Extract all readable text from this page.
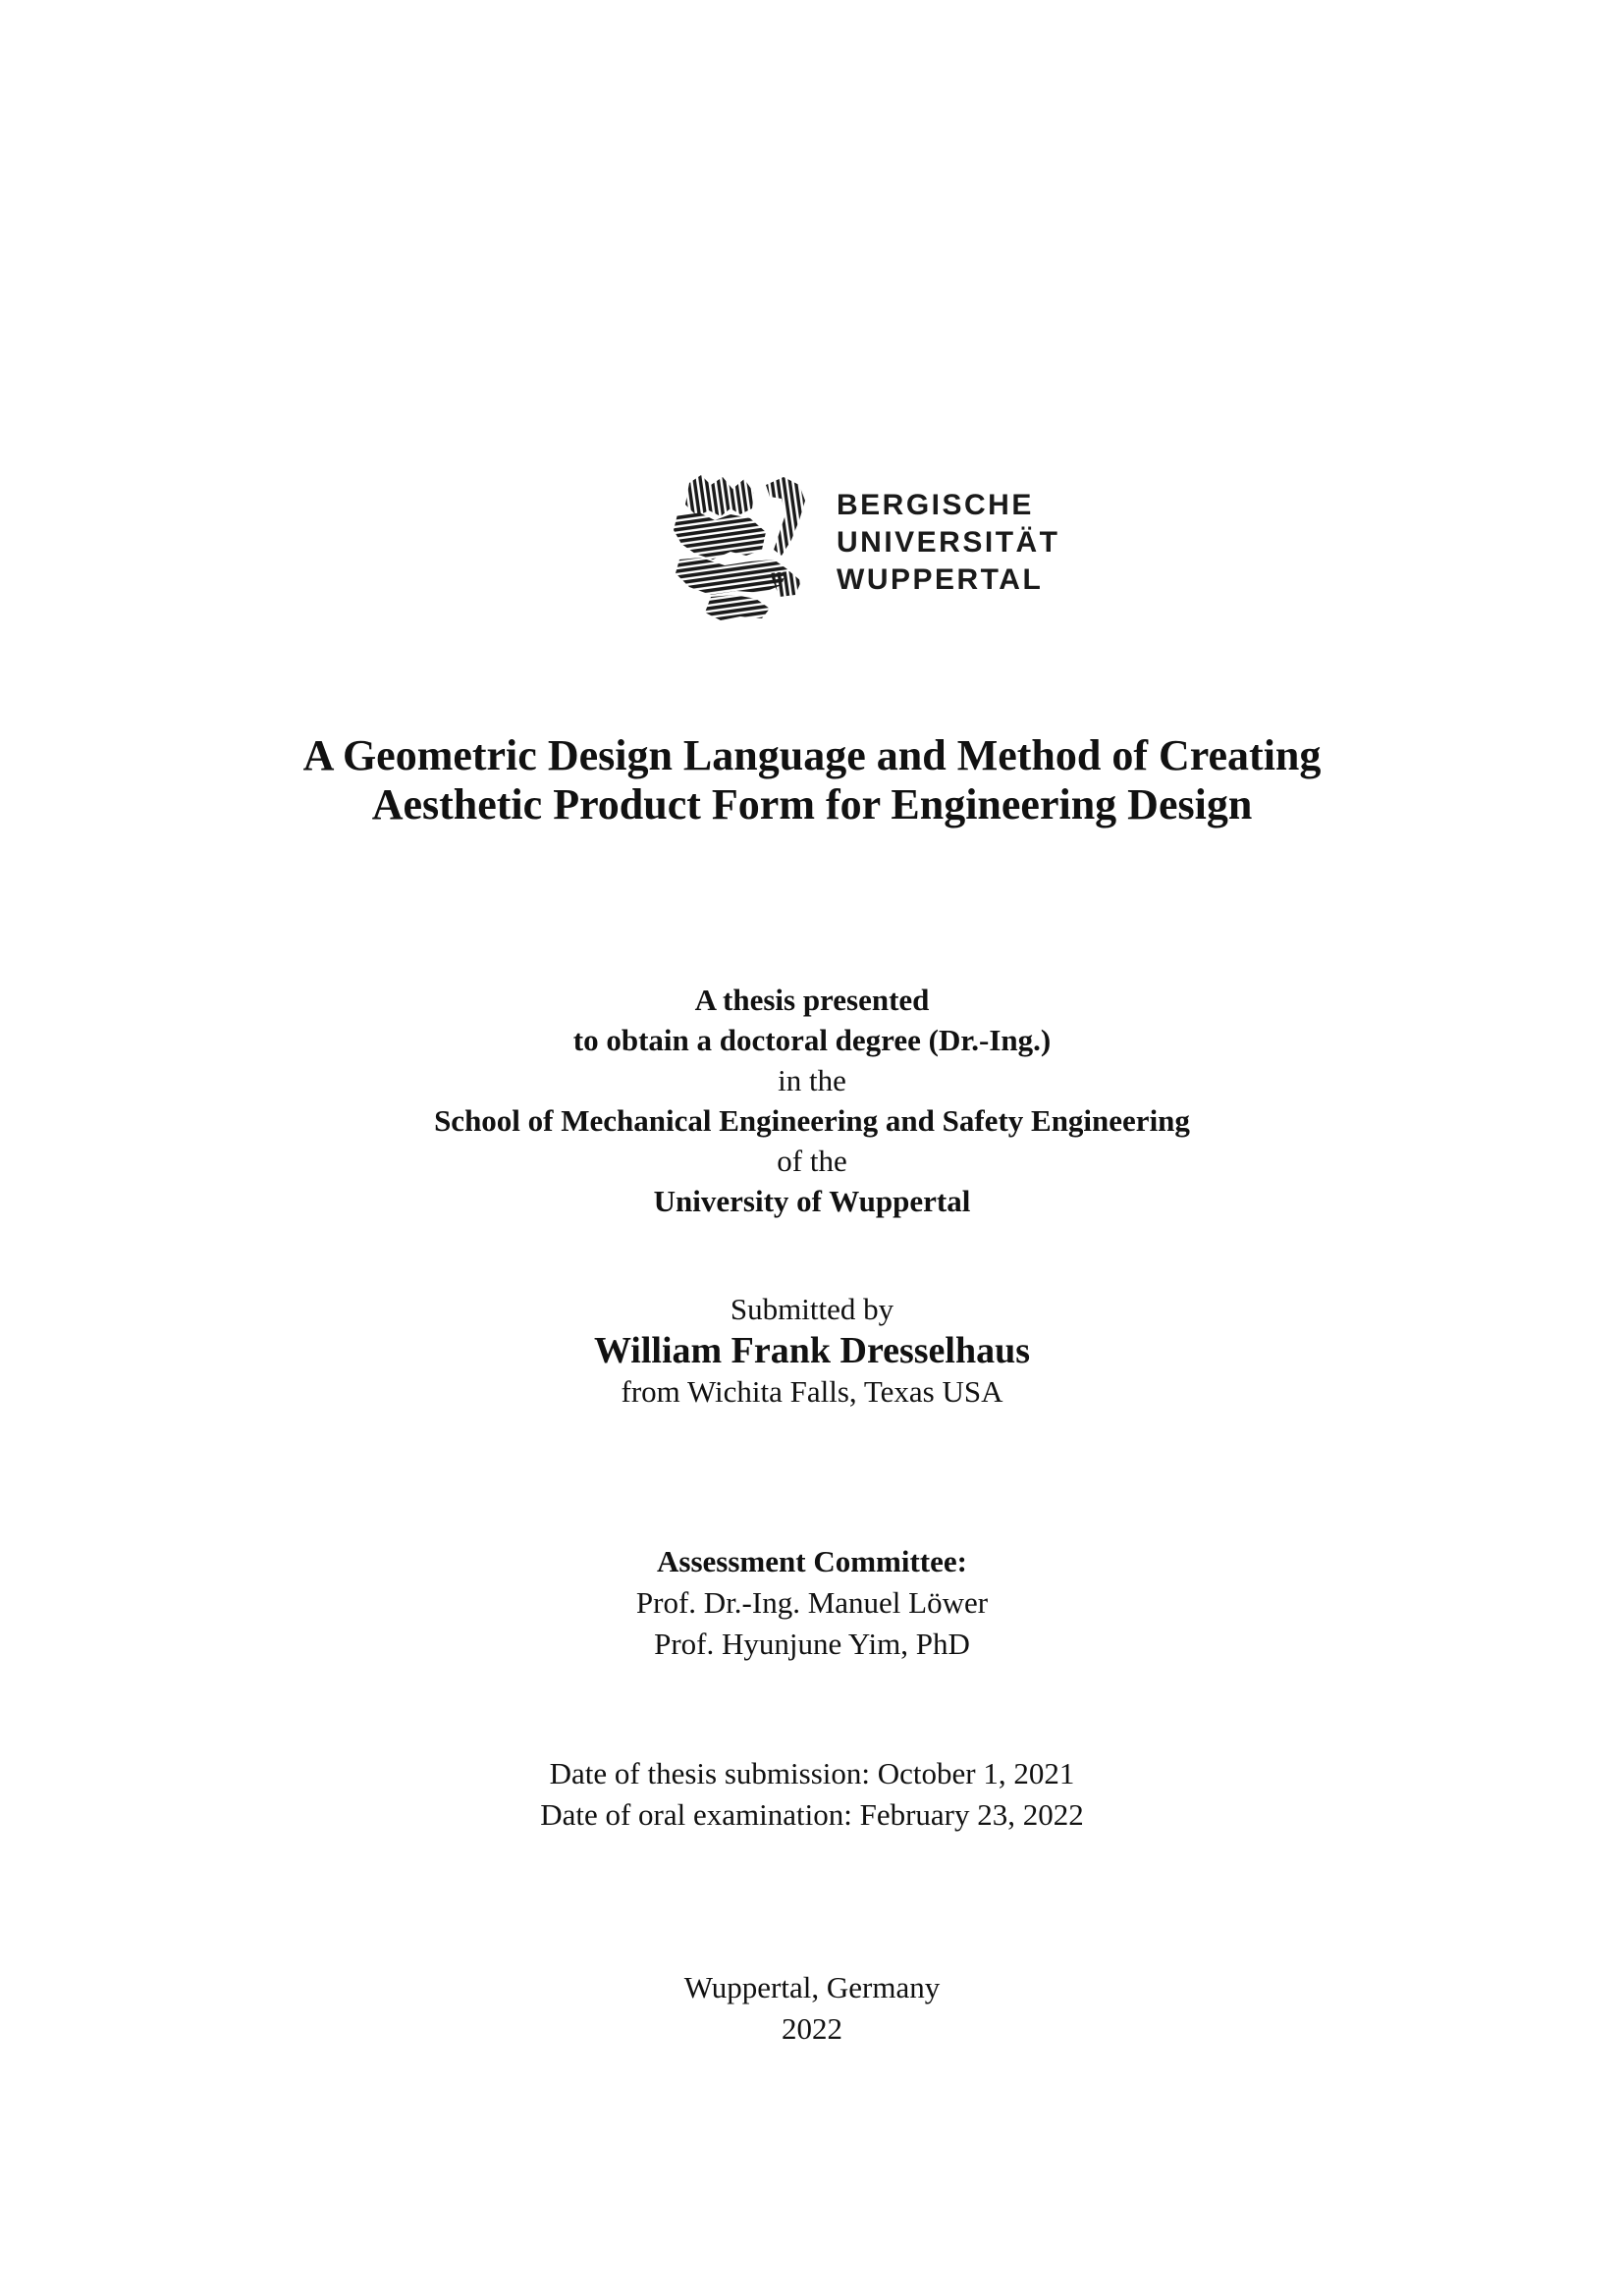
BERGISCHE
UNIVERSITÄT
WUPPERTAL
A Geometric Design Language and Method of Creating
Aesthetic Product Form for Engineering Design
A thesis presented
to obtain a doctoral degree (Dr.-Ing.)
in the
School of Mechanical Engineering and Safety Engineering
of the
University of Wuppertal
Submitted by
William Frank Dresselhaus
from Wichita Falls, Texas USA
Assessment Committee:
Prof. Dr.-Ing. Manuel Löwer
Prof. Hyunjune Yim, PhD
Date of thesis submission: October 1, 2021
Date of oral examination: February 23, 2022
Wuppertal, Germany
2022
